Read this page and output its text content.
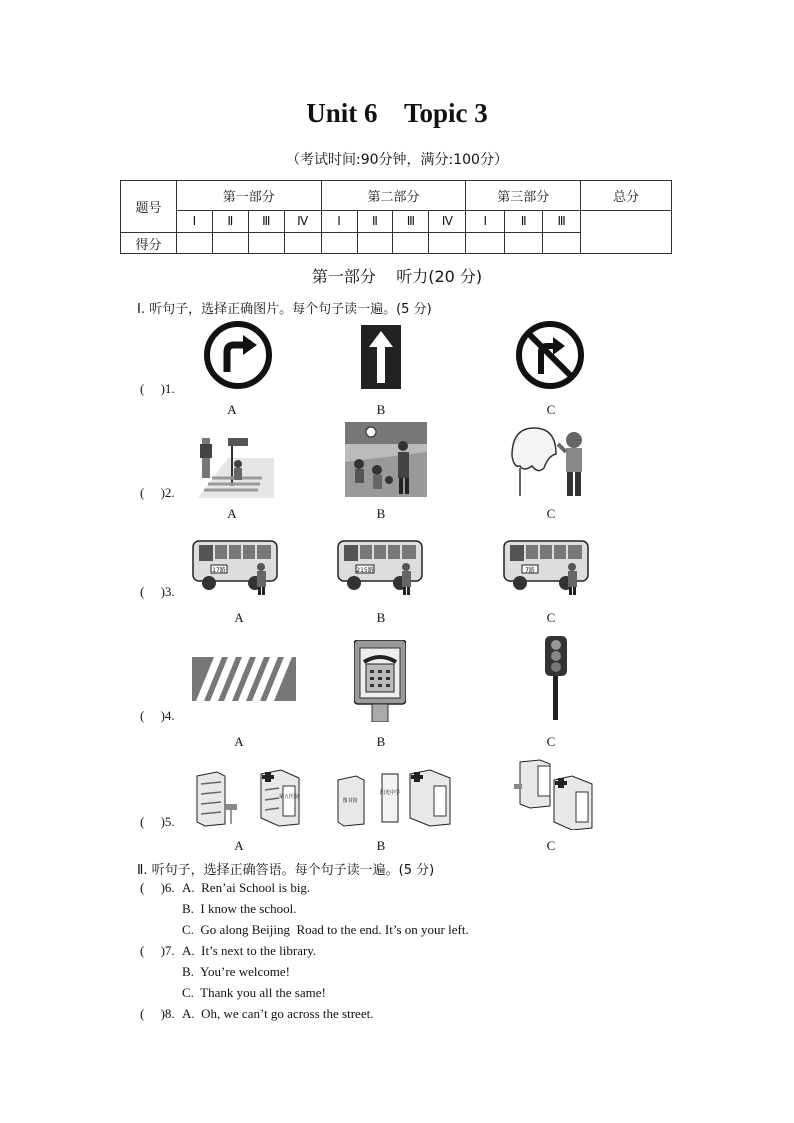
Unit 6    Topic 3
（考试时间:90分钟，满分:100分）
题号	第一部分				第二部分				第三部分			总分
	Ⅰ	Ⅱ	Ⅲ	Ⅳ	Ⅰ	Ⅱ	Ⅲ	Ⅳ	Ⅰ	Ⅱ	Ⅲ	
得分												
第一部分    听力(20 分)
Ⅰ. 听句子，选择正确图片。每个句子读一遍。(5 分)
(     )1.
A	B	C
(     )2.
A	B	C
(     )3.
17路	215路	7路
A	B	C
(     )4.
A	B	C
(     )5.
第五医院
图书馆
阳光中学
A	B	C
Ⅱ. 听句子，选择正确答语。每个句子读一遍。(5 分)
(     )6. A.  Ren’ai School is big.
B.  I know the school.
C.  Go along Beijing  Road to the end. It’s on your left.
(     )7. A.  It’s next to the library.
B.  You’re welcome!
C.  Thank you all the same!
(     )8. A.  Oh, we can’t go across the street.
